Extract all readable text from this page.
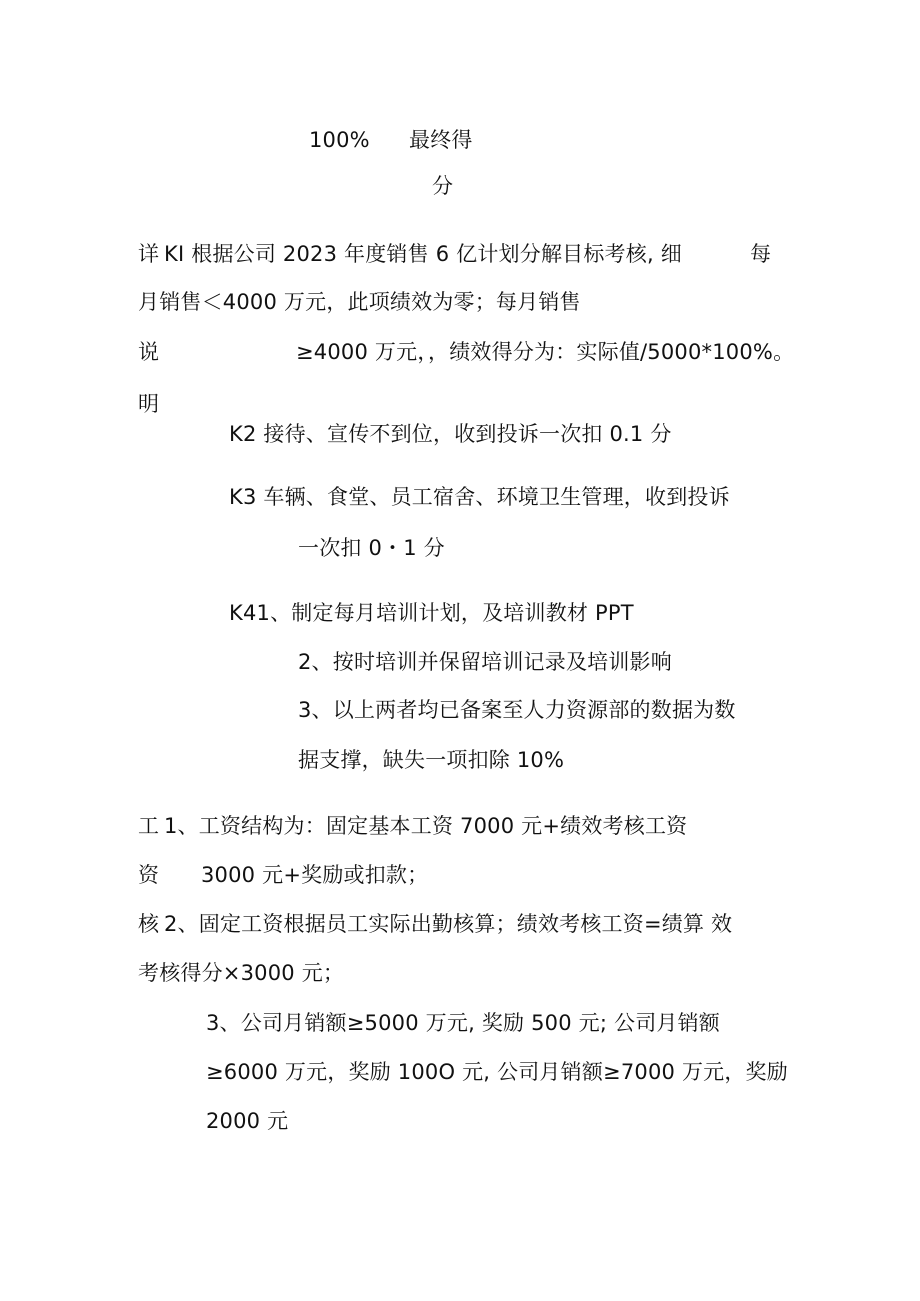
100% 最终得
分
详 KI 根据公司 2023 年度销售 6 亿计划分解目标考核, 细	每
月销售＜4000 万元，此项绩效为零；每月销售
说	≥4000 万元，，绩效得分为：实际值/5000*100%。
明
K2 接待、宣传不到位，收到投诉一次扣 0.1 分
K3 车辆、食堂、员工宿舍、环境卫生管理，收到投诉
一次扣 0・1 分
K41、制定每月培训计划，及培训教材 PPT
2、按时培训并保留培训记录及培训影响
3、以上两者均已备案至人力资源部的数据为数
据支撑，缺失一项扣除 10%
工 1、工资结构为：固定基本工资 7000 元+绩效考核工资
资 3000 元+奖励或扣款；
核 2、固定工资根据员工实际出勤核算；绩效考核工资=绩算 效
考核得分×3000 元；
3、公司月销额≥5000 万元, 奖励 500 元; 公司月销额
≥6000 万元，奖励 100O 元, 公司月销额≥7000 万元，奖励
2000 元
